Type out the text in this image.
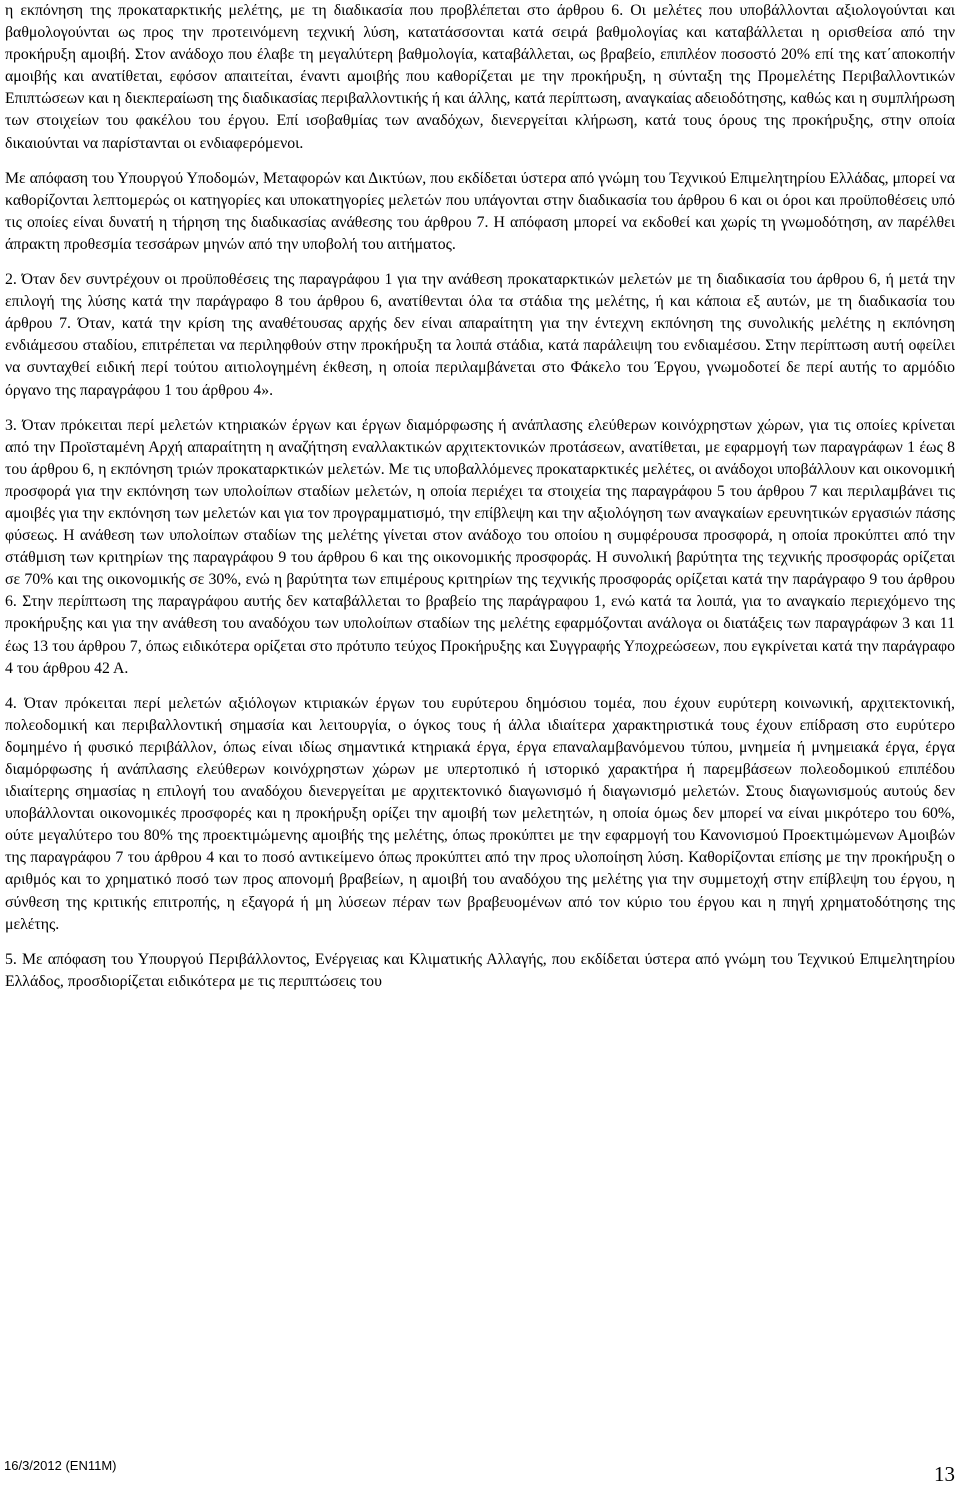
η εκπόνηση της προκαταρκτικής μελέτης, με τη διαδικασία που προβλέπεται στο άρθρου 6. Οι μελέτες που υποβάλλονται αξιολογούνται και βαθμολογούνται ως προς την προτεινόμενη τεχνική λύση, κατατάσσονται κατά σειρά βαθμολογίας και καταβάλλεται η ορισθείσα από την προκήρυξη αμοιβή. Στον ανάδοχο που έλαβε τη μεγαλύτερη βαθμολογία, καταβάλλεται, ως βραβείο, επιπλέον ποσοστό 20% επί της κατ΄αποκοπήν αμοιβής και ανατίθεται, εφόσον απαιτείται, έναντι αμοιβής που καθορίζεται με την προκήρυξη, η σύνταξη της Προμελέτης Περιβαλλοντικών Επιπτώσεων και η διεκπεραίωση της διαδικασίας περιβαλλοντικής ή και άλλης, κατά περίπτωση, αναγκαίας αδειοδότησης, καθώς και η συμπλήρωση των στοιχείων του φακέλου του έργου. Επί ισοβαθμίας των αναδόχων, διενεργείται κλήρωση, κατά τους όρους της προκήρυξης, στην οποία δικαιούνται να παρίστανται οι ενδιαφερόμενοι.

Με απόφαση του Υπουργού Υποδομών, Μεταφορών και Δικτύων, που εκδίδεται ύστερα από γνώμη του Τεχνικού Επιμελητηρίου Ελλάδας, μπορεί να καθορίζονται λεπτομερώς οι κατηγορίες και υποκατηγορίες μελετών που υπάγονται στην διαδικασία του άρθρου 6 και οι όροι και προϋποθέσεις υπό τις οποίες είναι δυνατή η τήρηση της διαδικασίας ανάθεσης του άρθρου 7. Η απόφαση μπορεί να εκδοθεί και χωρίς τη γνωμοδότηση, αν παρέλθει άπρακτη προθεσμία τεσσάρων μηνών από την υποβολή του αιτήματος.

2. Όταν δεν συντρέχουν οι προϋποθέσεις της παραγράφου 1 για την ανάθεση προκαταρκτικών μελετών με τη διαδικασία του άρθρου 6, ή μετά την επιλογή της λύσης κατά την παράγραφο 8 του άρθρου 6, ανατίθενται όλα τα στάδια της μελέτης, ή και κάποια εξ αυτών, με τη διαδικασία του άρθρου 7. Όταν, κατά την κρίση της αναθέτουσας αρχής δεν είναι απαραίτητη για την έντεχνη εκπόνηση της συνολικής μελέτης η εκπόνηση ενδιάμεσου σταδίου, επιτρέπεται να περιληφθούν στην προκήρυξη τα λοιπά στάδια, κατά παράλειψη του ενδιαμέσου. Στην περίπτωση αυτή οφείλει να συνταχθεί ειδική περί τούτου αιτιολογημένη έκθεση, η οποία περιλαμβάνεται στο Φάκελο του Έργου, γνωμοδοτεί δε περί αυτής το αρμόδιο όργανο της παραγράφου 1 του άρθρου 4».

3. Όταν πρόκειται περί μελετών κτηριακών έργων και έργων διαμόρφωσης ή ανάπλασης ελεύθερων κοινόχρηστων χώρων, για τις οποίες κρίνεται από την Προϊσταμένη Αρχή απαραίτητη η αναζήτηση εναλλακτικών αρχιτεκτονικών προτάσεων, ανατίθεται, με εφαρμογή των παραγράφων 1 έως 8 του άρθρου 6, η εκπόνηση τριών προκαταρκτικών μελετών. Με τις υποβαλλόμενες προκαταρκτικές μελέτες, οι ανάδοχοι υποβάλλουν και οικονομική προσφορά για την εκπόνηση των υπολοίπων σταδίων μελετών, η οποία περιέχει τα στοιχεία της παραγράφου 5 του άρθρου 7 και περιλαμβάνει τις αμοιβές για την εκπόνηση των μελετών και για τον προγραμματισμό, την επίβλεψη και την αξιολόγηση των αναγκαίων ερευνητικών εργασιών πάσης φύσεως. Η ανάθεση των υπολοίπων σταδίων της μελέτης γίνεται στον ανάδοχο του οποίου η συμφέρουσα προσφορά, η οποία προκύπτει από την στάθμιση των κριτηρίων της παραγράφου 9 του άρθρου 6 και της οικονομικής προσφοράς. Η συνολική βαρύτητα της τεχνικής προσφοράς ορίζεται σε 70% και της οικονομικής σε 30%, ενώ η βαρύτητα των επιμέρους κριτηρίων της τεχνικής προσφοράς ορίζεται κατά την παράγραφο 9 του άρθρου 6. Στην περίπτωση της παραγράφου αυτής δεν καταβάλλεται το βραβείο της παράγραφου 1, ενώ κατά τα λοιπά, για το αναγκαίο περιεχόμενο της προκήρυξης και για την ανάθεση του αναδόχου των υπολοίπων σταδίων της μελέτης εφαρμόζονται ανάλογα οι διατάξεις των παραγράφων 3 και 11 έως 13 του άρθρου 7, όπως ειδικότερα ορίζεται στο πρότυπο τεύχος Προκήρυξης και Συγγραφής Υποχρεώσεων, που εγκρίνεται κατά την παράγραφο 4 του άρθρου 42 Α.

4. Όταν πρόκειται περί μελετών αξιόλογων κτιριακών έργων του ευρύτερου δημόσιου τομέα, που έχουν ευρύτερη κοινωνική, αρχιτεκτονική, πολεοδομική και περιβαλλοντική σημασία και λειτουργία, ο όγκος τους ή άλλα ιδιαίτερα χαρακτηριστικά τους έχουν επίδραση στο ευρύτερο δομημένο ή φυσικό περιβάλλον, όπως είναι ιδίως σημαντικά κτηριακά έργα, έργα επαναλαμβανόμενου τύπου, μνημεία ή μνημειακά έργα, έργα διαμόρφωσης ή ανάπλασης ελεύθερων κοινόχρηστων χώρων με υπερτοπικό ή ιστορικό χαρακτήρα ή παρεμβάσεων πολεοδομικού επιπέδου ιδιαίτερης σημασίας η επιλογή του αναδόχου διενεργείται με αρχιτεκτονικό διαγωνισμό ή διαγωνισμό μελετών. Στους διαγωνισμούς αυτούς δεν υποβάλλονται οικονομικές προσφορές και η προκήρυξη ορίζει την αμοιβή των μελετητών, η οποία όμως δεν μπορεί να είναι μικρότερο του 60%, ούτε μεγαλύτερο του 80% της προεκτιμώμενης αμοιβής της μελέτης, όπως προκύπτει με την εφαρμογή του Κανονισμού Προεκτιμώμενων Αμοιβών της παραγράφου 7 του άρθρου 4 και το ποσό αντικείμενο όπως προκύπτει από την προς υλοποίηση λύση. Καθορίζονται επίσης με την προκήρυξη ο αριθμός και το χρηματικό ποσό των προς απονομή βραβείων, η αμοιβή του αναδόχου της μελέτης για την συμμετοχή στην επίβλεψη του έργου, η σύνθεση της κριτικής επιτροπής, η εξαγορά ή μη λύσεων πέραν των βραβευομένων από τον κύριο του έργου και η πηγή χρηματοδότησης της μελέτης.

5. Με απόφαση του Υπουργού Περιβάλλοντος, Ενέργειας και Κλιματικής Αλλαγής, που εκδίδεται ύστερα από γνώμη του Τεχνικού Επιμελητηρίου Ελλάδος, προσδιορίζεται ειδικότερα με τις περιπτώσεις του

16/3/2012 (ΕΝ11Μ)	13
